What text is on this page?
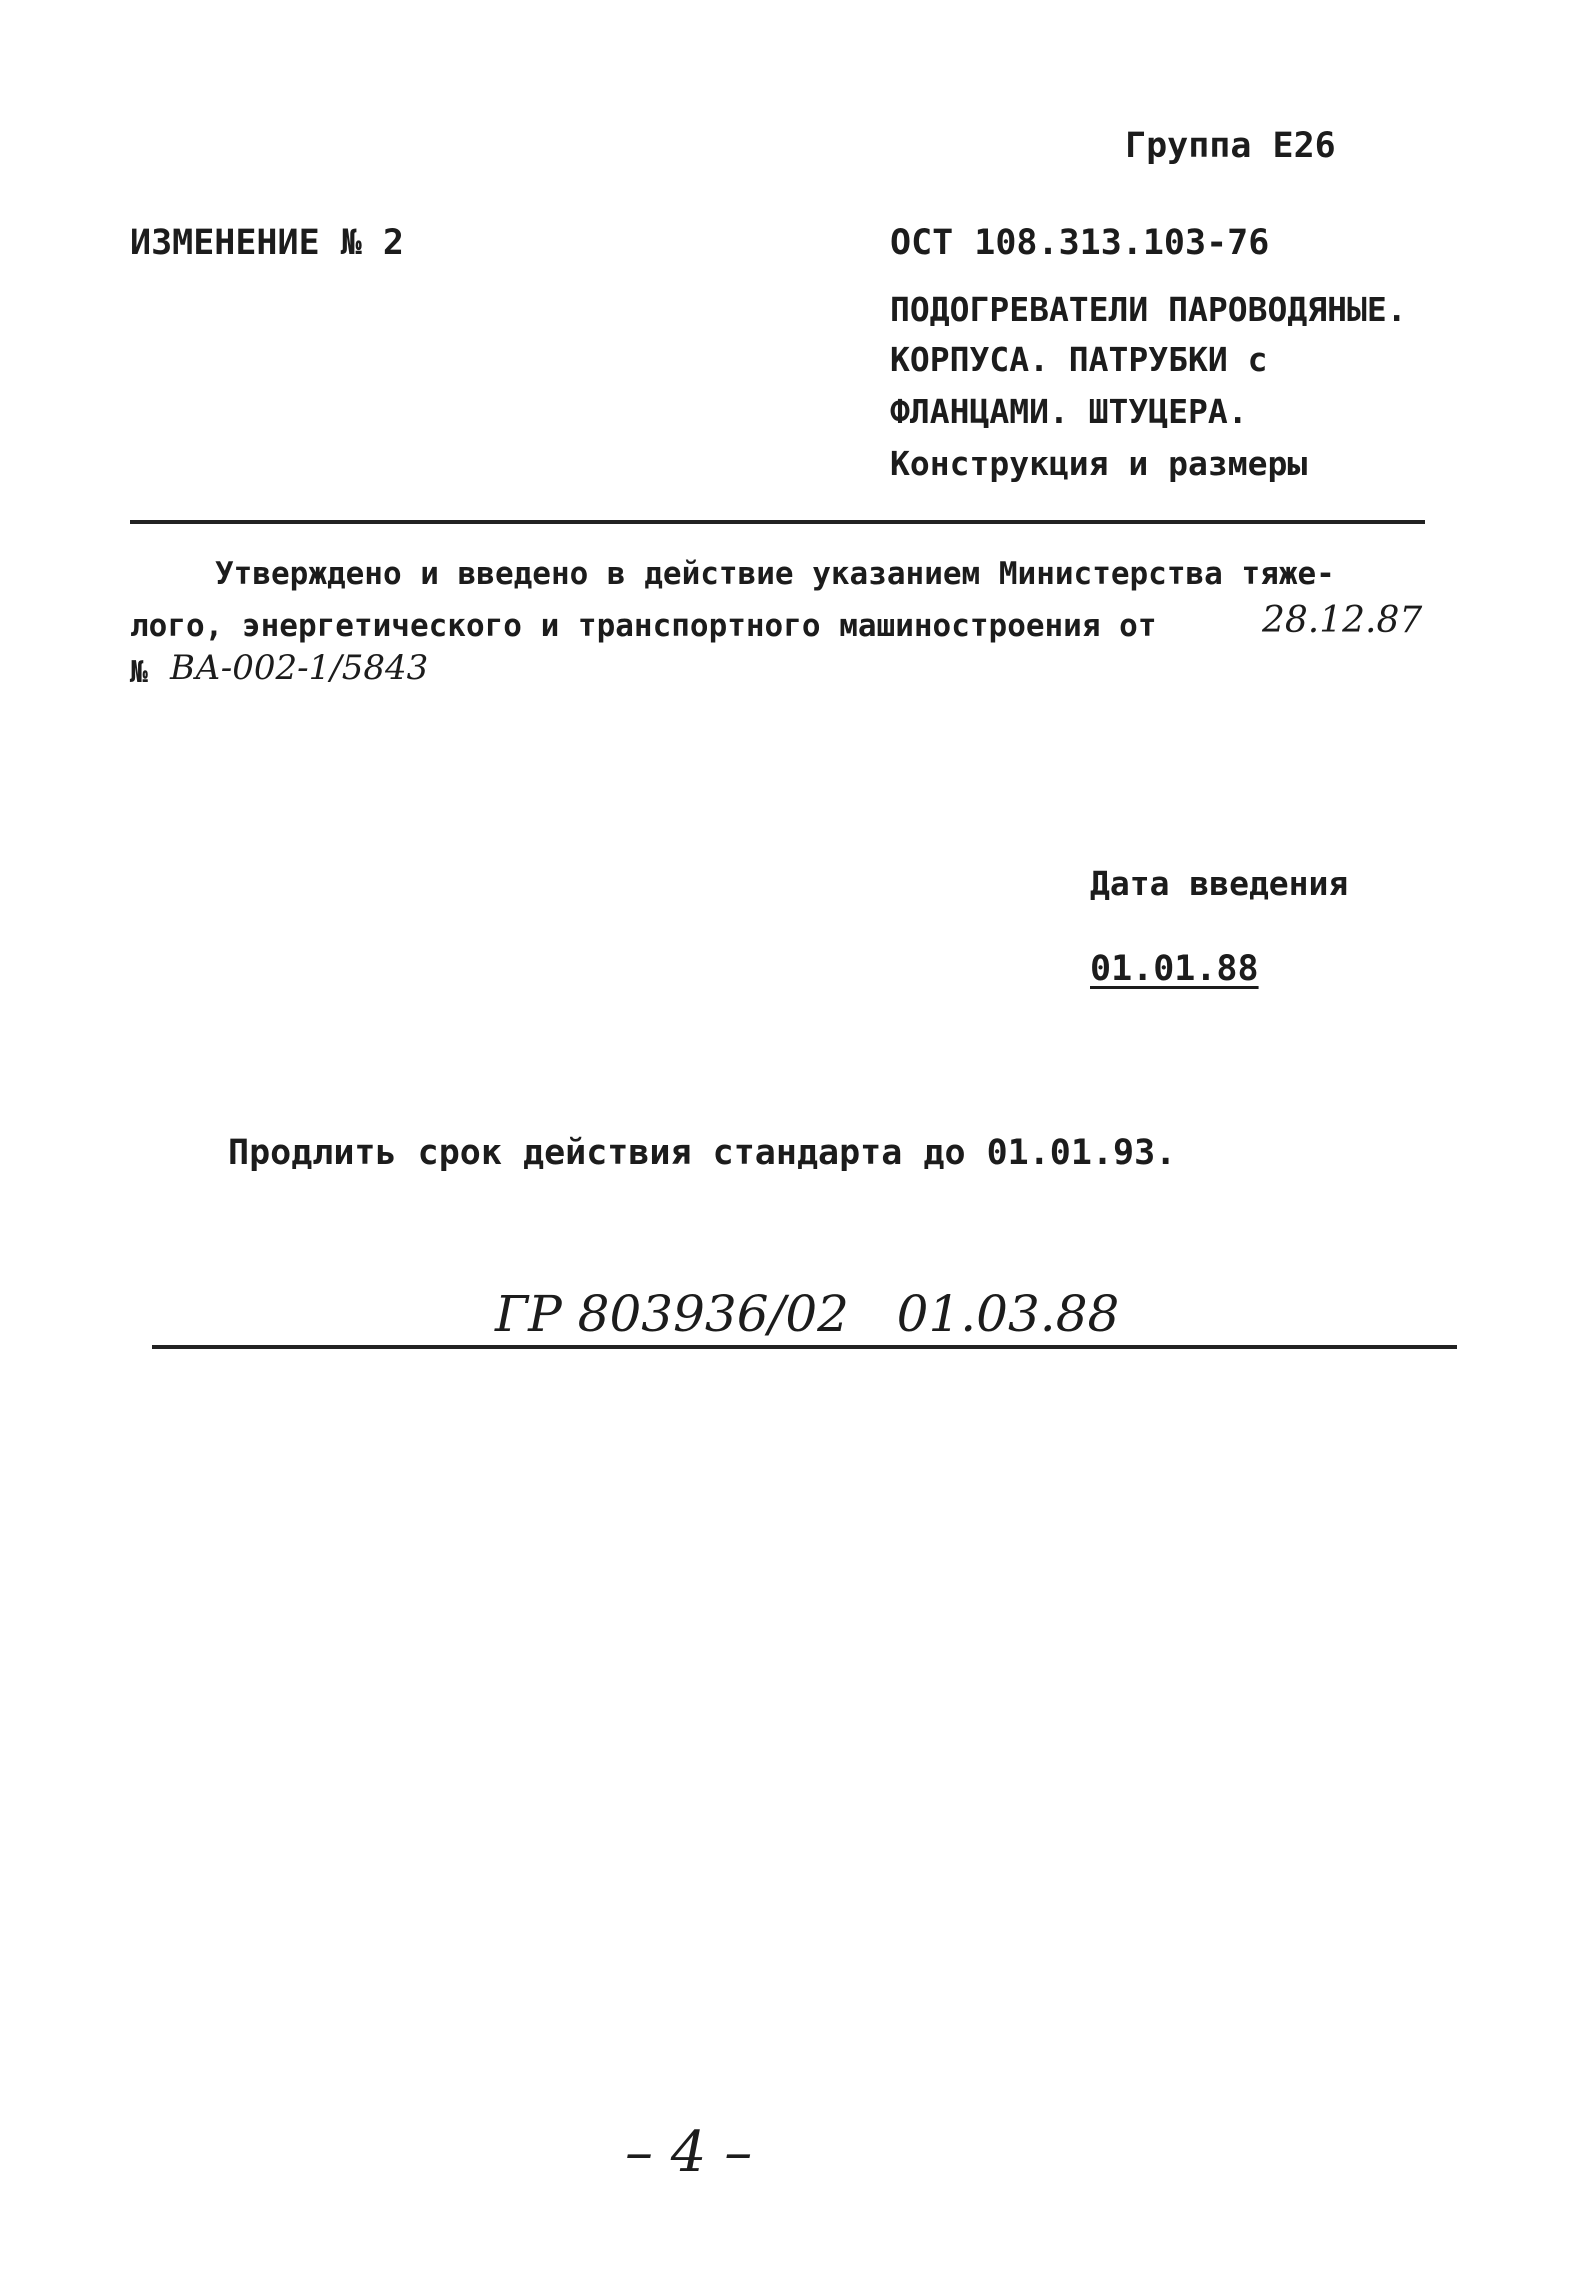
Группа Е26
ИЗМЕНЕНИЕ № 2	ОСТ 108.313.103-76
ПОДОГРЕВАТЕЛИ ПАРОВОДЯНЫЕ.
КОРПУСА. ПАТРУБКИ с
ФЛАНЦАМИ. ШТУЦЕРА.
Конструкция и размеры
Утверждено и введено в действие указанием Министерства тяже-
лого, энергетического и транспортного машиностроения от	28.12.87
№ ВА-002-1/5843
Дата введения
01.01.88
Продлить срок действия стандарта до 01.01.93.
ГР 803936/02   01.03.88
– 4 –
